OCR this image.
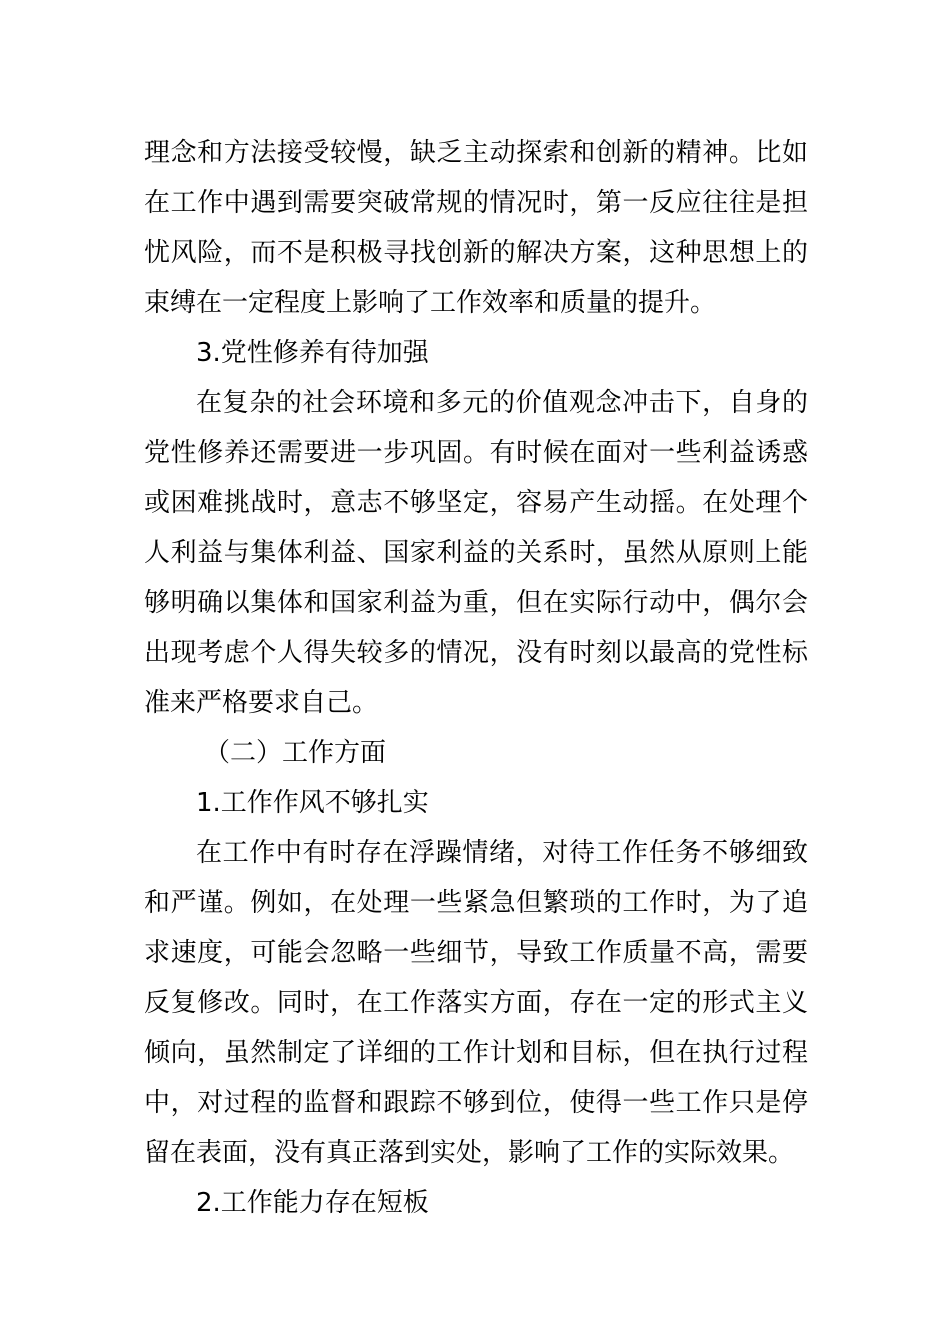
理念和方法接受较慢，缺乏主动探索和创新的精神。比如
在工作中遇到需要突破常规的情况时，第一反应往往是担
忧风险，而不是积极寻找创新的解决方案，这种思想上的
束缚在一定程度上影响了工作效率和质量的提升。
3.党性修养有待加强
在复杂的社会环境和多元的价值观念冲击下，自身的
党性修养还需要进一步巩固。有时候在面对一些利益诱惑
或困难挑战时，意志不够坚定，容易产生动摇。在处理个
人利益与集体利益、国家利益的关系时，虽然从原则上能
够明确以集体和国家利益为重，但在实际行动中，偶尔会
出现考虑个人得失较多的情况，没有时刻以最高的党性标
准来严格要求自己。
（二）工作方面
1.工作作风不够扎实
在工作中有时存在浮躁情绪，对待工作任务不够细致
和严谨。例如，在处理一些紧急但繁琐的工作时，为了追
求速度，可能会忽略一些细节，导致工作质量不高，需要
反复修改。同时，在工作落实方面，存在一定的形式主义
倾向，虽然制定了详细的工作计划和目标，但在执行过程
中，对过程的监督和跟踪不够到位，使得一些工作只是停
留在表面，没有真正落到实处，影响了工作的实际效果。
2.工作能力存在短板
